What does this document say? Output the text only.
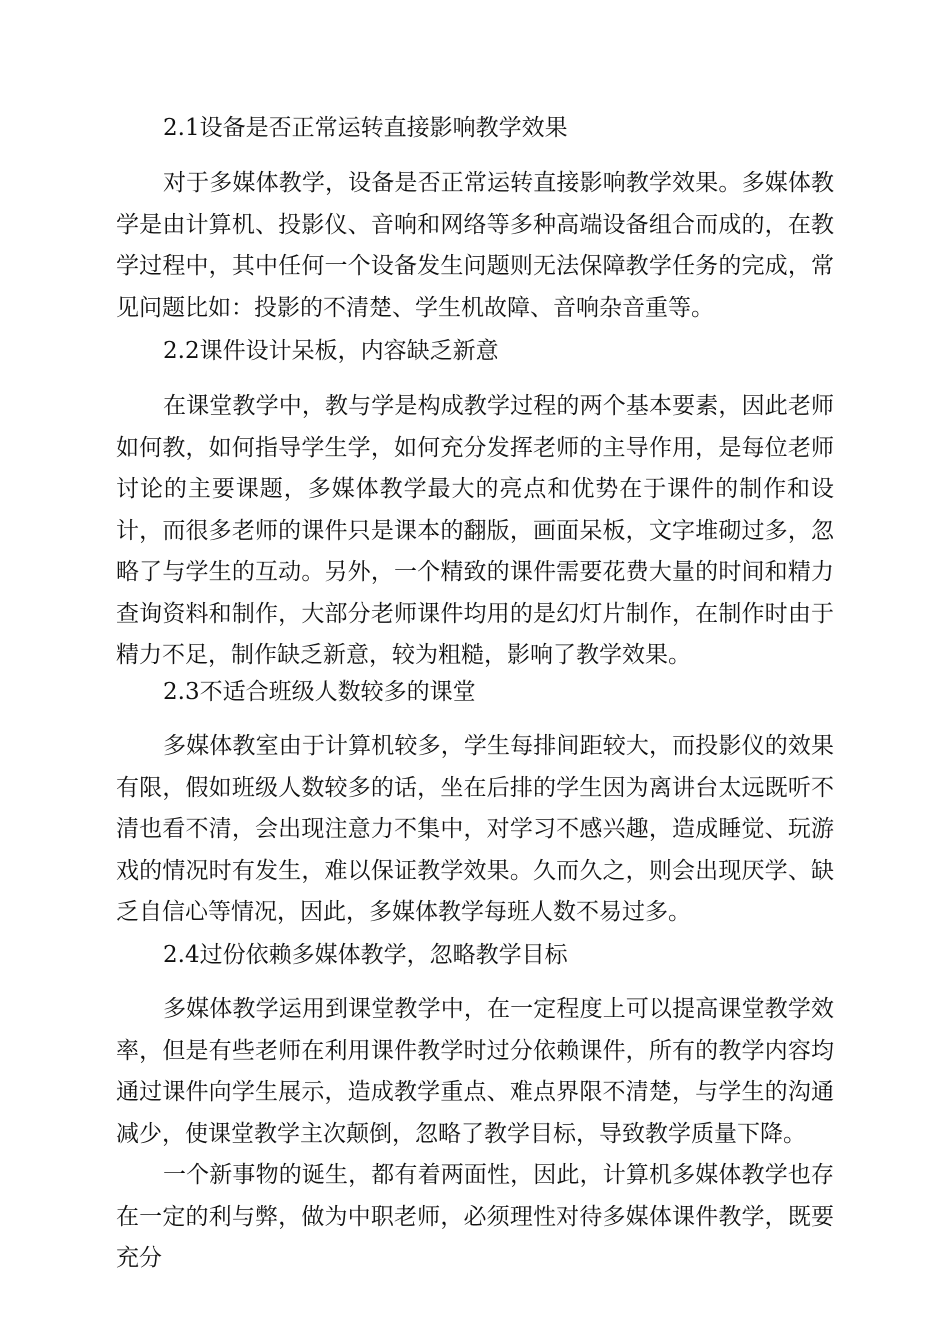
2.1设备是否正常运转直接影响教学效果

对于多媒体教学，设备是否正常运转直接影响教学效果。多媒体教学是由计算机、投影仪、音响和网络等多种高端设备组合而成的，在教学过程中，其中任何一个设备发生问题则无法保障教学任务的完成，常见问题比如：投影的不清楚、学生机故障、音响杂音重等。

2.2课件设计呆板，内容缺乏新意

在课堂教学中，教与学是构成教学过程的两个基本要素，因此老师如何教，如何指导学生学，如何充分发挥老师的主导作用，是每位老师讨论的主要课题，多媒体教学最大的亮点和优势在于课件的制作和设计，而很多老师的课件只是课本的翻版，画面呆板，文字堆砌过多，忽略了与学生的互动。另外，一个精致的课件需要花费大量的时间和精力查询资料和制作，大部分老师课件均用的是幻灯片制作，在制作时由于精力不足，制作缺乏新意，较为粗糙，影响了教学效果。

2.3不适合班级人数较多的课堂

多媒体教室由于计算机较多，学生每排间距较大，而投影仪的效果有限，假如班级人数较多的话，坐在后排的学生因为离讲台太远既听不清也看不清，会出现注意力不集中，对学习不感兴趣，造成睡觉、玩游戏的情况时有发生，难以保证教学效果。久而久之，则会出现厌学、缺乏自信心等情况，因此，多媒体教学每班人数不易过多。

2.4过份依赖多媒体教学，忽略教学目标

多媒体教学运用到课堂教学中，在一定程度上可以提高课堂教学效率，但是有些老师在利用课件教学时过分依赖课件，所有的教学内容均通过课件向学生展示，造成教学重点、难点界限不清楚，与学生的沟通减少，使课堂教学主次颠倒，忽略了教学目标，导致教学质量下降。

一个新事物的诞生，都有着两面性，因此，计算机多媒体教学也存在一定的利与弊，做为中职老师，必须理性对待多媒体课件教学，既要充分
